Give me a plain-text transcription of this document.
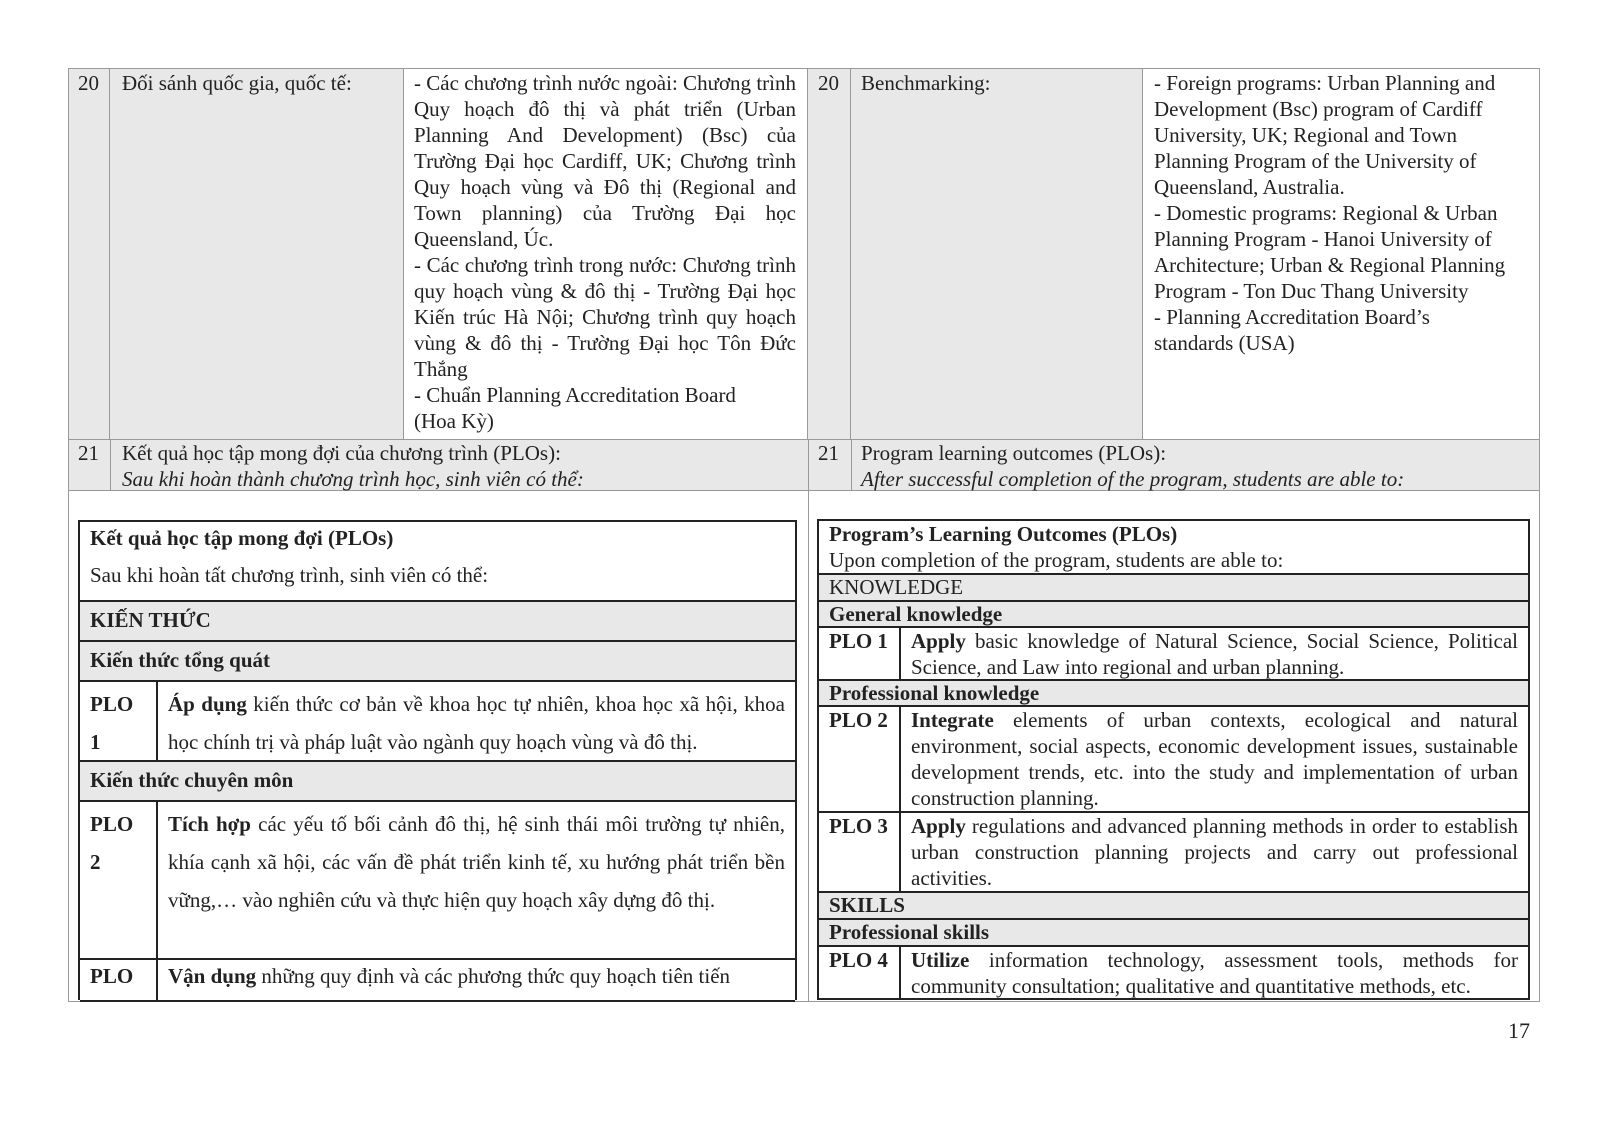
20 Đối sánh quốc gia, quốc tế:	- Các chương trình nước ngoài: Chương trình Quy hoạch đô thị và phát triển (Urban Planning And Development) (Bsc) của Trường Đại học Cardiff, UK; Chương trình Quy hoạch vùng và Đô thị (Regional and Town planning) của Trường Đại học Queensland, Úc.
- Các chương trình trong nước: Chương trình quy hoạch vùng & đô thị - Trường Đại học Kiến trúc Hà Nội; Chương trình quy hoạch vùng & đô thị - Trường Đại học Tôn Đức Thắng
- Chuẩn Planning Accreditation Board (Hoa Kỳ)
20 Benchmarking:	- Foreign programs: Urban Planning and Development (Bsc) program of Cardiff University, UK; Regional and Town Planning Program of the University of Queensland, Australia.
- Domestic programs: Regional & Urban Planning Program - Hanoi University of Architecture; Urban & Regional Planning Program - Ton Duc Thang University
- Planning Accreditation Board’s standards (USA)
21 Kết quả học tập mong đợi của chương trình (PLOs):
Sau khi hoàn thành chương trình học, sinh viên có thể:
21 Program learning outcomes (PLOs):
After successful completion of the program, students are able to:
Kết quả học tập mong đợi (PLOs)
Sau khi hoàn tất chương trình, sinh viên có thể:
KIẾN THỨC
Kiến thức tổng quát
PLO 1
Áp dụng kiến thức cơ bản về khoa học tự nhiên, khoa học xã hội, khoa học chính trị và pháp luật vào ngành quy hoạch vùng và đô thị.
Kiến thức chuyên môn
PLO 2
Tích hợp các yếu tố bối cảnh đô thị, hệ sinh thái môi trường tự nhiên, khía cạnh xã hội, các vấn đề phát triển kinh tế, xu hướng phát triển bền vững,… vào nghiên cứu và thực hiện quy hoạch xây dựng đô thị.
PLO Vận dụng những quy định và các phương thức quy hoạch tiên tiến
Program’s Learning Outcomes (PLOs)
Upon completion of the program, students are able to:
KNOWLEDGE
General knowledge
PLO 1 Apply basic knowledge of Natural Science, Social Science, Political Science, and Law into regional and urban planning.
Professional knowledge
PLO 2 Integrate elements of urban contexts, ecological and natural environment, social aspects, economic development issues, sustainable development trends, etc. into the study and implementation of urban construction planning.
PLO 3 Apply regulations and advanced planning methods in order to establish urban construction planning projects and carry out professional activities.
SKILLS
Professional skills
PLO 4 Utilize information technology, assessment tools, methods for community consultation; qualitative and quantitative methods, etc.
17
